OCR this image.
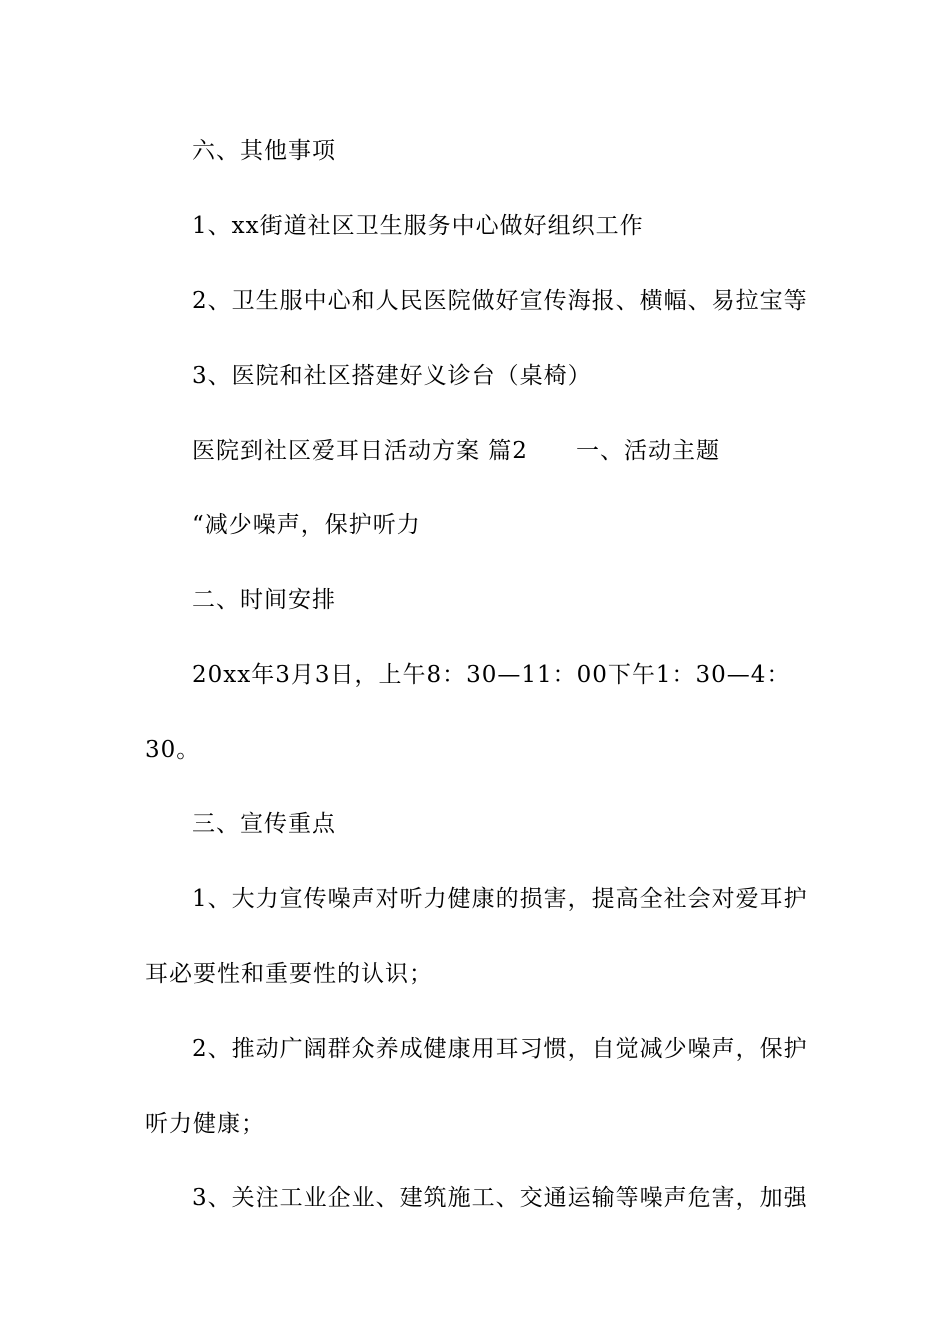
六、其他事项
1、xx街道社区卫生服务中心做好组织工作
2、卫生服中心和人民医院做好宣传海报、横幅、易拉宝等
3、医院和社区搭建好义诊台（桌椅）
医院到社区爱耳日活动方案 篇2 一、活动主题
“减少噪声，保护听力
二、时间安排
20xx年3月3日，上午8：30—11：00下午1：30—4：
30。
三、宣传重点
1、大力宣传噪声对听力健康的损害，提高全社会对爱耳护
耳必要性和重要性的认识；
2、推动广阔群众养成健康用耳习惯，自觉减少噪声，保护
听力健康；
3、关注工业企业、建筑施工、交通运输等噪声危害，加强
